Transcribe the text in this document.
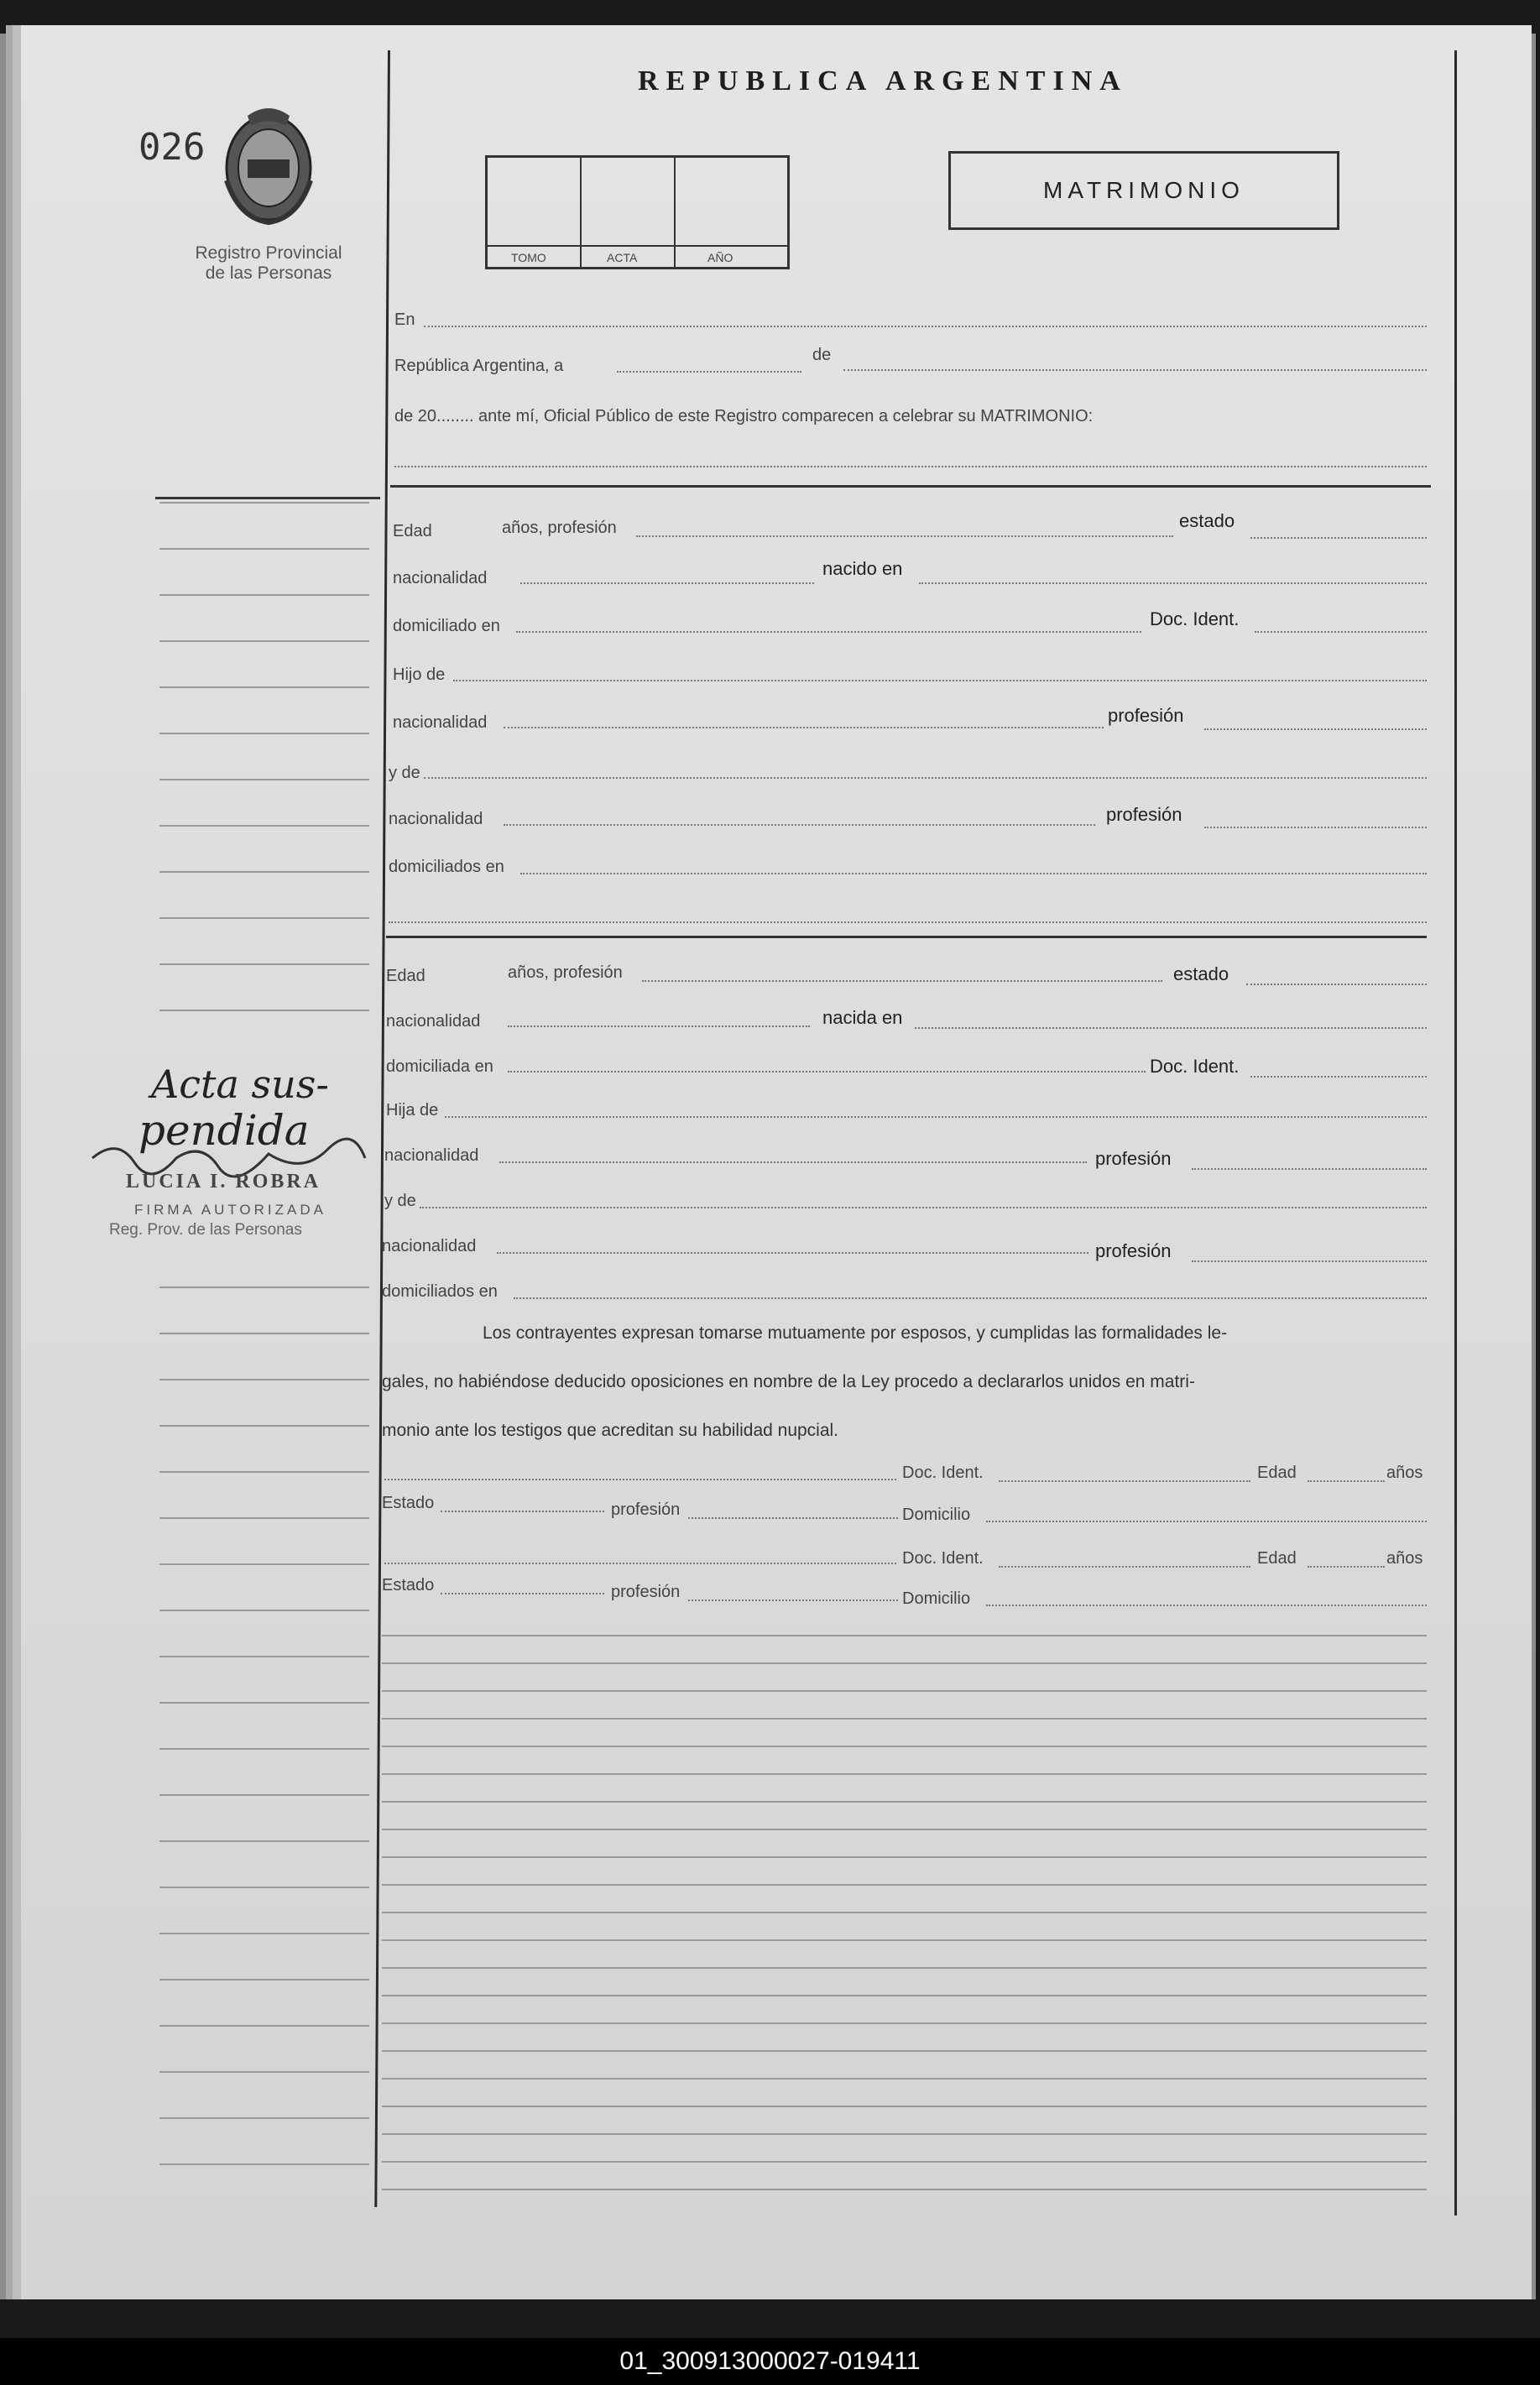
026
Registro Provincial
de las Personas
REPUBLICA ARGENTINA
TOMO	ACTA	AÑO
MATRIMONIO
En
República Argentina, a
de
de 20........ ante mí, Oficial Público de este Registro comparecen a celebrar su MATRIMONIO:
Edad	años, profesión	estado
nacionalidad	nacido en
domiciliado en	Doc. Ident.
Hijo de
nacionalidad	profesión
y de
nacionalidad	profesión
domiciliados en
Edad	años, profesión	estado
nacionalidad	nacida en
domiciliada en	Doc. Ident.
Hija de
nacionalidad	profesión
y de
nacionalidad	profesión
domiciliados en
Los contrayentes expresan tomarse mutuamente por esposos, y cumplidas las formalidades le-
gales, no habiéndose deducido oposiciones en nombre de la Ley procedo a declararlos unidos en matri-
monio ante los testigos que acreditan su habilidad nupcial.
Doc. Ident.	Edad	años
Estado	profesión	Domicilio
Doc. Ident.	Edad	años
Estado	profesión	Domicilio
Acta sus-
pendida
LUCIA I. ROBRA
FIRMA AUTORIZADA
Reg. Prov. de las Personas
01_300913000027-019411
